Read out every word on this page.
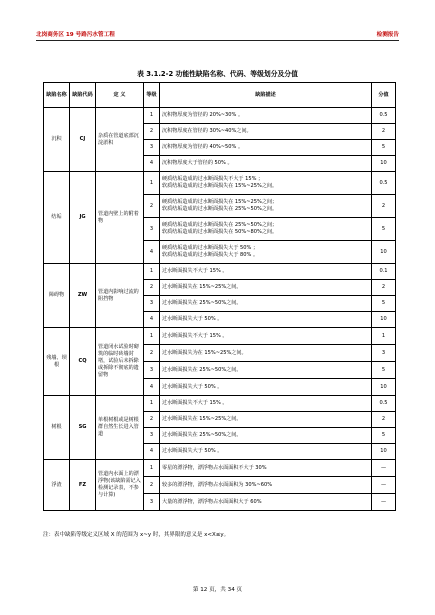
北岗商务区 19 号路污水管工程	检测报告
表 3.1.2-2 功能性缺陷名称、代码、等级划分及分值
缺陷名称	缺陷代码	定 义	等级	缺陷描述	分值
沉积	CJ	杂质在管道底部沉淀淤积	1	沉积物厚度为管径的 20%~30% 。	0.5
			2	沉积物厚度在管径的 30%~40%之间。	2
			3	沉积物厚度为管径的 40%~50% 。	5
			4	沉积物厚度大于管径的 50% 。	10
结垢	JG	管道内壁上的附着物	1	硬质结垢造成的过水断面损失不大于 15% ；
软质结垢造成的过水断面损失在 15%~25%之间。	0.5
			2	硬质结垢造成的过水断面损失在 15%~25%之间；
软质结垢造成的过水断面损失在 25%~50%之间。	2
			3	硬质结垢造成的过水断面损失在 25%~50%之间；
软质结垢造成的过水断面损失在 50%~80%之间。	5
			4	硬质结垢造成的过水断面损失大于 50% ；
软质结垢造成的过水断面损失大于 80% 。	10
障碍物	ZW	管道内影响过流的阻挡物	1	过水断面损失不大于 15% 。	0.1
			2	过水断面损失在 15%~25%之间。	2
			3	过水断面损失在 25%~50%之间。	5
			4	过水断面损失大于 50% 。	10
残墙、坝根	CQ	管道闭水试验时砌筑的临时砖墙封堵，试验后未拆除或拆除不彻底的遗留物	1	过水断面损失不大于 15% 。	1
			2	过水断面损失为在 15%~25%之间。	3
			3	过水断面损失在 25%~50%之间。	5
			4	过水断面损失大于 50% 。	10
树根	SG	单根树根或是树根群自然生长进入管道	1	过水断面损失不大于 15% 。	0.5
			2	过水断面损失在 15%~25%之间。	2
			3	过水断面损失在 25%~50%之间。	5
			4	过水断面损失大于 50% 。	10
浮渣	FZ	管道内水面上的漂浮物(该缺陷需记入检测记录表，不参与计算)	1	零星的漂浮物，漂浮物占水面面积不大于 30%	—
			2	较多的漂浮物，漂浮物占水面面积为 30%~60%	—
			3	大量的漂浮物，漂浮物占水面面积大于 60%	—
注：表中缺陷等级定义区域 X 的范围为 x~y 时，其界限的意义是 x<X≤y。
第 12 页，共 34 页
